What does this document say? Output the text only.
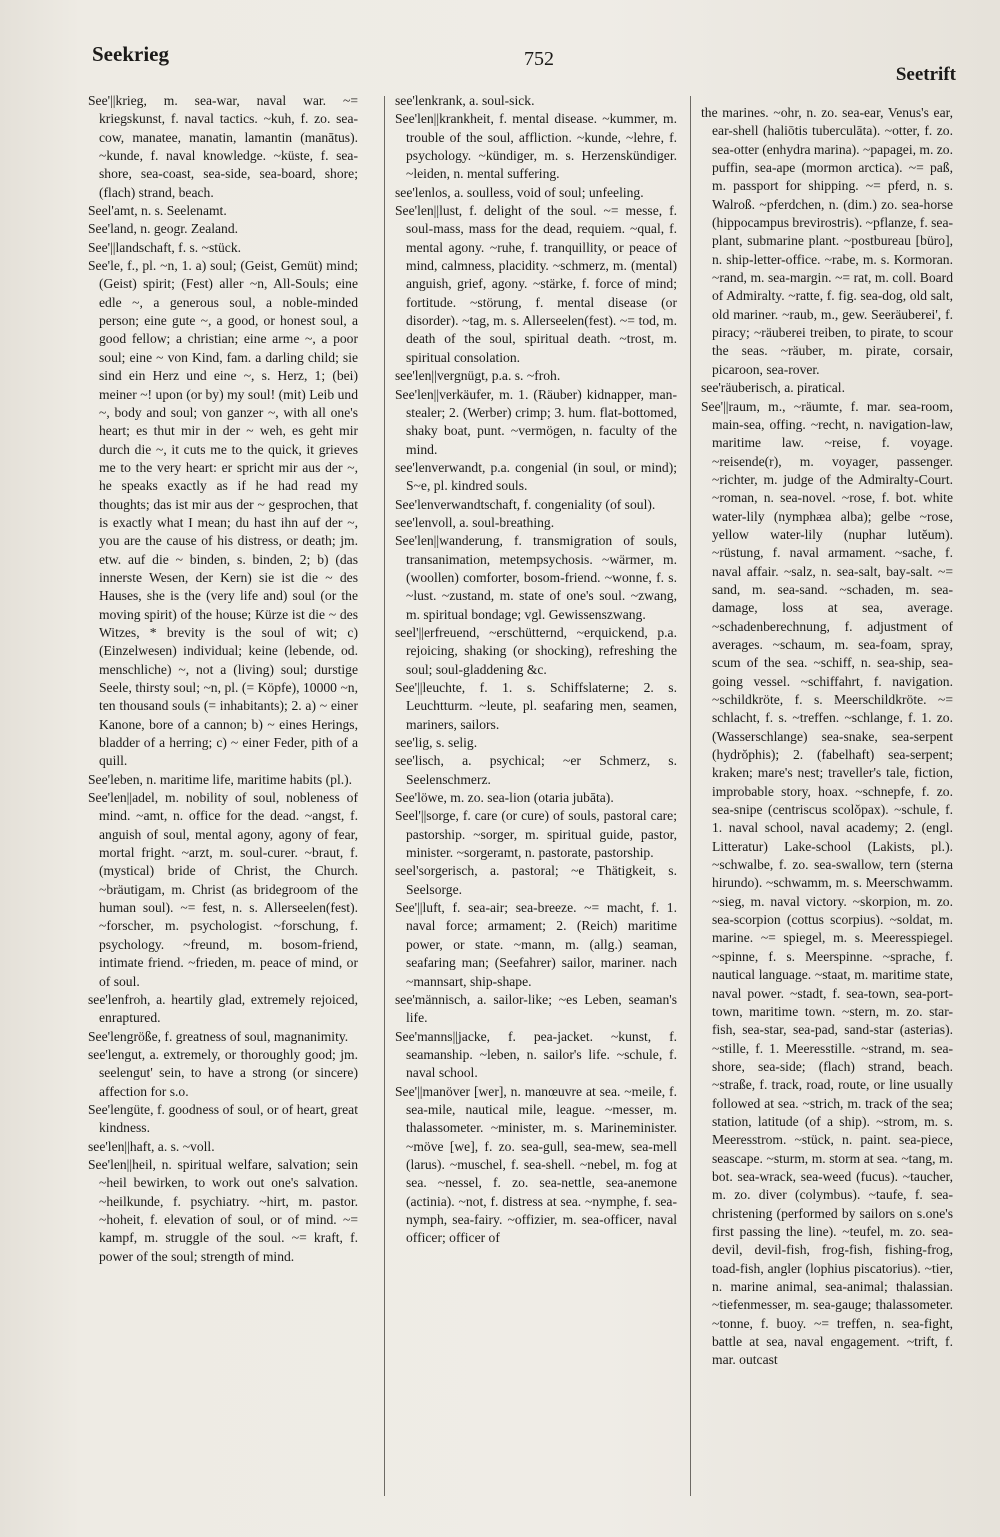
Seekrieg	752
Seetrift

See'||krieg, m. sea-war, naval war. ~= kriegskunst, f. naval tactics. ~kuh, f. zo. sea-cow, manatee, manatin, lamantin (manātus). ~kunde, f. naval knowledge. ~küste, f. sea-shore, sea-coast, sea-side, sea-board, shore; (flach) strand, beach.

Seel'amt, n. s. Seelenamt.

See'land, n. geogr. Zealand.

See'||landschaft, f. s. ~stück.

See'le, f., pl. ~n, 1. a) soul; (Geist, Gemüt) mind; (Geist) spirit; (Fest) aller ~n, All-Souls; eine edle ~, a generous soul, a noble-minded person; eine gute ~, a good, or honest soul, a good fellow; a christian; eine arme ~, a poor soul; eine ~ von Kind, fam. a darling child; sie sind ein Herz und eine ~, s. Herz, 1; (bei) meiner ~! upon (or by) my soul! (mit) Leib und ~, body and soul; von ganzer ~, with all one's heart; es thut mir in der ~ weh, es geht mir durch die ~, it cuts me to the quick, it grieves me to the very heart: er spricht mir aus der ~, he speaks exactly as if he had read my thoughts; das ist mir aus der ~ gesprochen, that is exactly what I mean; du hast ihn auf der ~, you are the cause of his distress, or death; jm. etw. auf die ~ binden, s. binden, 2; b) (das innerste Wesen, der Kern) sie ist die ~ des Hauses, she is the (very life and) soul (or the moving spirit) of the house; Kürze ist die ~ des Witzes, * brevity is the soul of wit; c) (Einzelwesen) individual; keine (lebende, od. menschliche) ~, not a (living) soul; durstige Seele, thirsty soul; ~n, pl. (= Köpfe), 10000 ~n, ten thousand souls (= inhabitants); 2. a) ~ einer Kanone, bore of a cannon; b) ~ eines Herings, bladder of a herring; c) ~ einer Feder, pith of a quill.

See'leben, n. maritime life, maritime habits (pl.).

See'len||adel, m. nobility of soul, nobleness of mind. ~amt, n. office for the dead. ~angst, f. anguish of soul, mental agony, agony of fear, mortal fright. ~arzt, m. soul-curer. ~braut, f. (mystical) bride of Christ, the Church. ~bräutigam, m. Christ (as bridegroom of the human soul). ~= fest, n. s. Allerseelen(fest). ~forscher, m. psychologist. ~forschung, f. psychology. ~freund, m. bosom-friend, intimate friend. ~frieden, m. peace of mind, or of soul.

see'lenfroh, a. heartily glad, extremely rejoiced, enraptured.

See'lengröße, f. greatness of soul, magnanimity.

see'lengut, a. extremely, or thoroughly good; jm. seelengut' sein, to have a strong (or sincere) affection for s.o.

See'lengüte, f. goodness of soul, or of heart, great kindness.

see'len||haft, a. s. ~voll.

See'len||heil, n. spiritual welfare, salvation; sein ~heil bewirken, to work out one's salvation. ~heilkunde, f. psychiatry. ~hirt, m. pastor. ~hoheit, f. elevation of soul, or of mind. ~= kampf, m. struggle of the soul. ~= kraft, f. power of the soul; strength of mind.

see'lenkrank, a. soul-sick.

See'len||krankheit, f. mental disease. ~kummer, m. trouble of the soul, affliction. ~kunde, ~lehre, f. psychology. ~kündiger, m. s. Herzenskündiger. ~leiden, n. mental suffering.

see'lenlos, a. soulless, void of soul; unfeeling.

See'len||lust, f. delight of the soul. ~= messe, f. soul-mass, mass for the dead, requiem. ~qual, f. mental agony. ~ruhe, f. tranquillity, or peace of mind, calmness, placidity. ~schmerz, m. (mental) anguish, grief, agony. ~stärke, f. force of mind; fortitude. ~störung, f. mental disease (or disorder). ~tag, m. s. Allerseelen(fest). ~= tod, m. death of the soul, spiritual death. ~trost, m. spiritual consolation.

see'len||vergnügt, p.a. s. ~froh.

See'len||verkäufer, m. 1. (Räuber) kidnapper, man-stealer; 2. (Werber) crimp; 3. hum. flat-bottomed, shaky boat, punt. ~vermögen, n. faculty of the mind.

see'lenverwandt, p.a. congenial (in soul, or mind); S~e, pl. kindred souls.

See'lenverwandtschaft, f. congeniality (of soul).

see'lenvoll, a. soul-breathing.

See'len||wanderung, f. transmigration of souls, transanimation, metempsychosis. ~wärmer, m. (woollen) comforter, bosom-friend. ~wonne, f. s. ~lust. ~zustand, m. state of one's soul. ~zwang, m. spiritual bondage; vgl. Gewissenszwang.

seel'||erfreuend, ~erschütternd, ~erquickend, p.a. rejoicing, shaking (or shocking), refreshing the soul; soul-gladdening &c.

See'||leuchte, f. 1. s. Schiffslaterne; 2. s. Leuchtturm. ~leute, pl. seafaring men, seamen, mariners, sailors.

see'lig, s. selig.

see'lisch, a. psychical; ~er Schmerz, s. Seelenschmerz.

See'löwe, m. zo. sea-lion (otaria jubāta).

Seel'||sorge, f. care (or cure) of souls, pastoral care; pastorship. ~sorger, m. spiritual guide, pastor, minister. ~sorgeramt, n. pastorate, pastorship.

seel'sorgerisch, a. pastoral; ~e Thätigkeit, s. Seelsorge.

See'||luft, f. sea-air; sea-breeze. ~= macht, f. 1. naval force; armament; 2. (Reich) maritime power, or state. ~mann, m. (allg.) seaman, seafaring man; (Seefahrer) sailor, mariner. nach ~mannsart, ship-shape.

see'männisch, a. sailor-like; ~es Leben, seaman's life.

See'manns||jacke, f. pea-jacket. ~kunst, f. seamanship. ~leben, n. sailor's life. ~schule, f. naval school.

See'||manöver [wer], n. manœuvre at sea. ~meile, f. sea-mile, nautical mile, league. ~messer, m. thalassometer. ~minister, m. s. Marineminister. ~möve [we], f. zo. sea-gull, sea-mew, sea-mell (larus). ~muschel, f. sea-shell. ~nebel, m. fog at sea. ~nessel, f. zo. sea-nettle, sea-anemone (actinia). ~not, f. distress at sea. ~nymphe, f. sea-nymph, sea-fairy. ~offizier, m. sea-officer, naval officer; officer of

the marines. ~ohr, n. zo. sea-ear, Venus's ear, ear-shell (haliōtis tuberculāta). ~otter, f. zo. sea-otter (enhydra marina). ~papagei, m. zo. puffin, sea-ape (mormon arctica). ~= paß, m. passport for shipping. ~= pferd, n. s. Walroß. ~pferdchen, n. (dim.) zo. sea-horse (hippocampus brevirostris). ~pflanze, f. sea-plant, submarine plant. ~postbureau [büro], n. ship-letter-office. ~rabe, m. s. Kormoran. ~rand, m. sea-margin. ~= rat, m. coll. Board of Admiralty. ~ratte, f. fig. sea-dog, old salt, old mariner. ~raub, m., gew. Seeräuberei', f. piracy; ~räuberei treiben, to pirate, to scour the seas. ~räuber, m. pirate, corsair, picaroon, sea-rover.

see'räuberisch, a. piratical.

See'||raum, m., ~räumte, f. mar. sea-room, main-sea, offing. ~recht, n. navigation-law, maritime law. ~reise, f. voyage. ~reisende(r), m. voyager, passenger. ~richter, m. judge of the Admiralty-Court. ~roman, n. sea-novel. ~rose, f. bot. white water-lily (nymphæa alba); gelbe ~rose, yellow water-lily (nuphar lutĕum). ~rüstung, f. naval armament. ~sache, f. naval affair. ~salz, n. sea-salt, bay-salt. ~= sand, m. sea-sand. ~schaden, m. sea-damage, loss at sea, average. ~schadenberechnung, f. adjustment of averages. ~schaum, m. sea-foam, spray, scum of the sea. ~schiff, n. sea-ship, sea-going vessel. ~schiffahrt, f. navigation. ~schildkröte, f. s. Meerschildkröte. ~= schlacht, f. s. ~treffen. ~schlange, f. 1. zo. (Wasserschlange) sea-snake, sea-serpent (hydrŏphis); 2. (fabelhaft) sea-serpent; kraken; mare's nest; traveller's tale, fiction, improbable story, hoax. ~schnepfe, f. zo. sea-snipe (centriscus scolŏpax). ~schule, f. 1. naval school, naval academy; 2. (engl. Litteratur) Lake-school (Lakists, pl.). ~schwalbe, f. zo. sea-swallow, tern (sterna hirundo). ~schwamm, m. s. Meerschwamm. ~sieg, m. naval victory. ~skorpion, m. zo. sea-scorpion (cottus scorpius). ~soldat, m. marine. ~= spiegel, m. s. Meeresspiegel. ~spinne, f. s. Meerspinne. ~sprache, f. nautical language. ~staat, m. maritime state, naval power. ~stadt, f. sea-town, sea-port-town, maritime town. ~stern, m. zo. star-fish, sea-star, sea-pad, sand-star (asterias). ~stille, f. 1. Meeresstille. ~strand, m. sea-shore, sea-side; (flach) strand, beach. ~straße, f. track, road, route, or line usually followed at sea. ~strich, m. track of the sea; station, latitude (of a ship). ~strom, m. s. Meeresstrom. ~stück, n. paint. sea-piece, seascape. ~sturm, m. storm at sea. ~tang, m. bot. sea-wrack, sea-weed (fucus). ~taucher, m. zo. diver (colymbus). ~taufe, f. sea-christening (performed by sailors on s.one's first passing the line). ~teufel, m. zo. sea-devil, devil-fish, frog-fish, fishing-frog, toad-fish, angler (lophius piscatorius). ~tier, n. marine animal, sea-animal; thalassian. ~tiefenmesser, m. sea-gauge; thalassometer. ~tonne, f. buoy. ~= treffen, n. sea-fight, battle at sea, naval engagement. ~trift, f. mar. outcast
